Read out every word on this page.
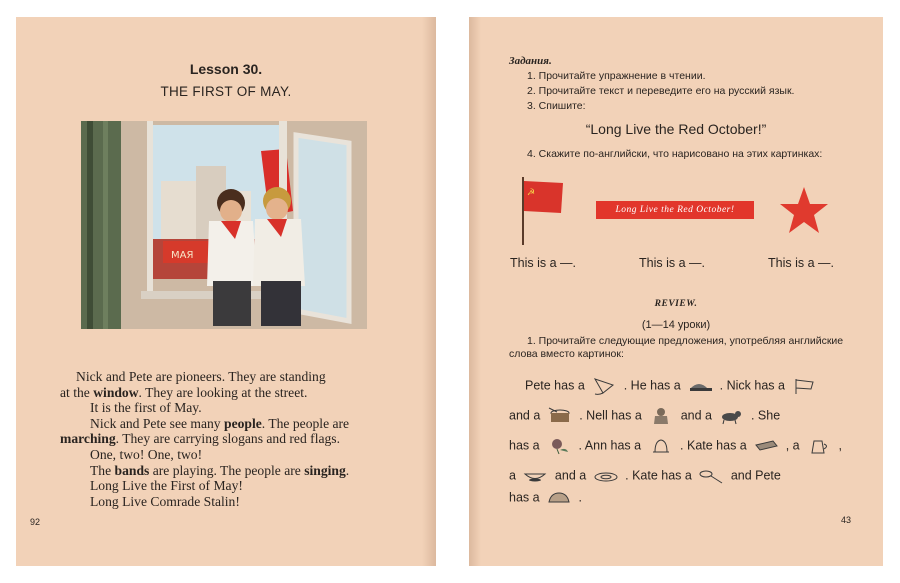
Lesson 30.
THE FIRST OF MAY.
МАЯ
Nick and Pete are pioneers. They are standing
at the window. They are looking at the street.
It is the first of May.
Nick and Pete see many people. The people are
marching. They are carrying slogans and red flags.
One, two! One, two!
The bands are playing. The people are singing.
Long Live the First of May!
Long Live Comrade Stalin!
92
Задания.
1. Прочитайте упражнение в чтении.
2. Прочитайте текст и переведите его на русский язык.
3. Спишите:
“Long Live the Red October!”
4. Скажите по-английски, что нарисовано на этих картинках:
☭
Long Live the Red October!
This is a —.	This is a —.	This is a —.
REVIEW.
(1—14 уроки)
1. Прочитайте следующие предложения, употребляя английские
слова вместо картинок:
Pete has a	. He has a	. Nick has a
and a	. Nell has a	and a	. She
has a	. Ann has a	. Kate has a	, a	,
a	and a	. Kate has a	and Pete
has a	.
43
